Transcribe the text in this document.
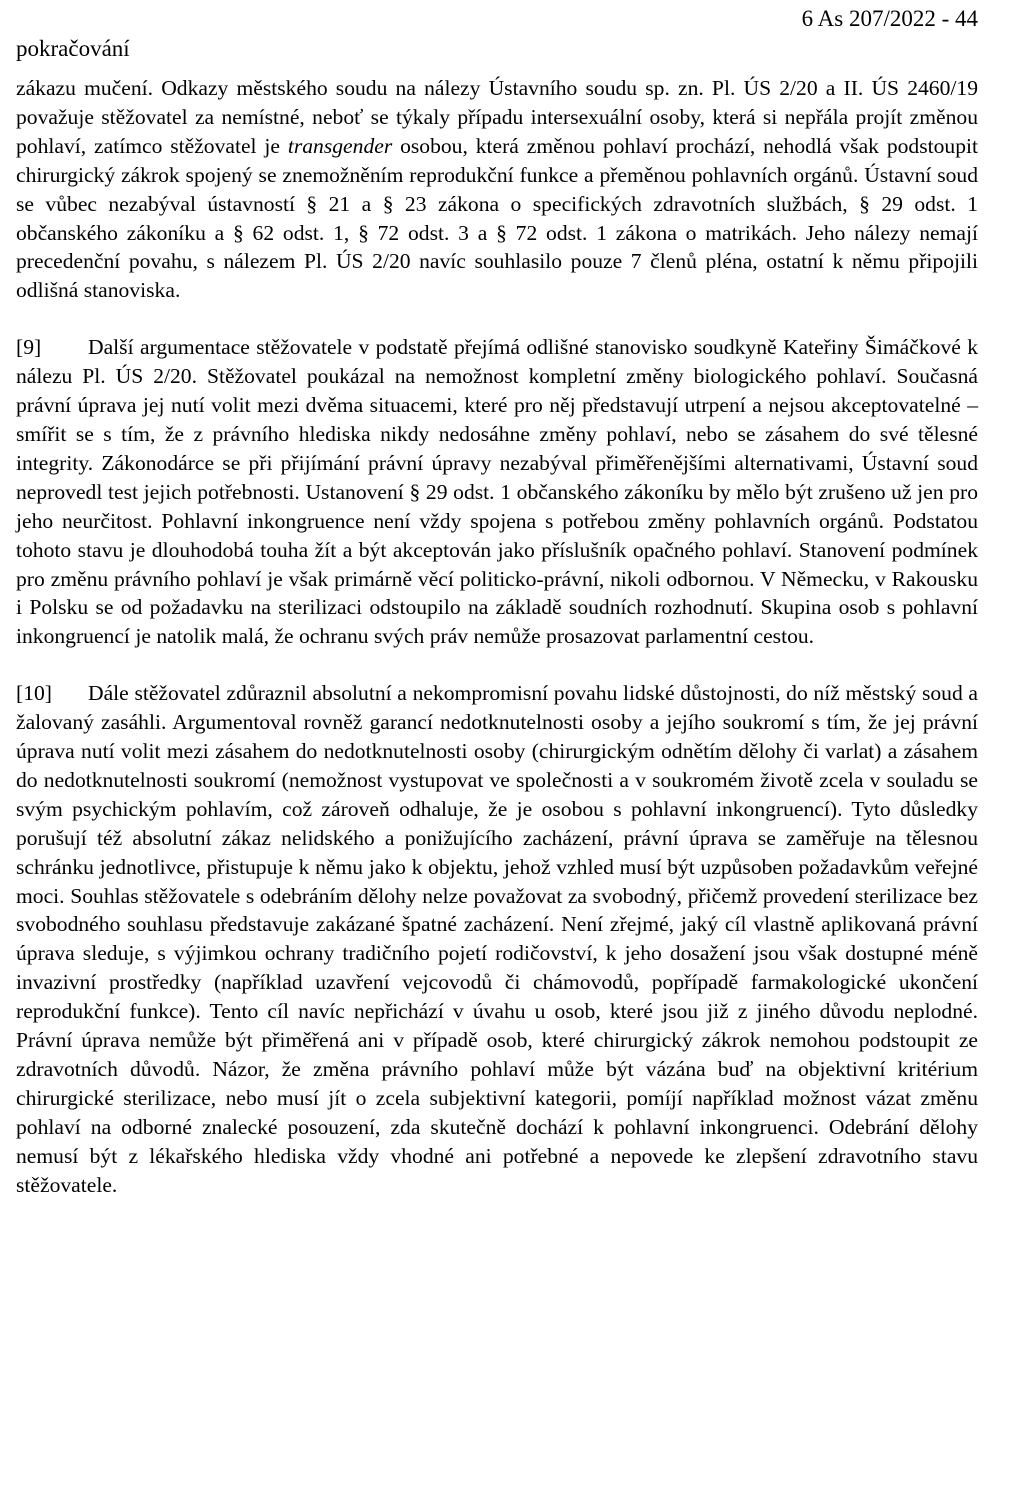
6 As 207/2022 - 44
pokračování

zákazu mučení. Odkazy městského soudu na nálezy Ústavního soudu sp. zn. Pl. ÚS 2/20 a II. ÚS 2460/19 považuje stěžovatel za nemístné, neboť se týkaly případu intersexuální osoby, která si nepřála projít změnou pohlaví, zatímco stěžovatel je transgender osobou, která změnou pohlaví prochází, nehodlá však podstoupit chirurgický zákrok spojený se znemožněním reprodukční funkce a přeměnou pohlavních orgánů. Ústavní soud se vůbec nezabýval ústavností § 21 a § 23 zákona o specifických zdravotních službách, § 29 odst. 1 občanského zákoníku a § 62 odst. 1, § 72 odst. 3 a § 72 odst. 1 zákona o matrikách. Jeho nálezy nemají precedenční povahu, s nálezem Pl. ÚS 2/20 navíc souhlasilo pouze 7 členů pléna, ostatní k němu připojili odlišná stanoviska.

[9] Další argumentace stěžovatele v podstatě přejímá odlišné stanovisko soudkyně Kateřiny Šimáčkové k nálezu Pl. ÚS 2/20. Stěžovatel poukázal na nemožnost kompletní změny biologického pohlaví. Současná právní úprava jej nutí volit mezi dvěma situacemi, které pro něj představují utrpení a nejsou akceptovatelné – smířit se s tím, že z právního hlediska nikdy nedosáhne změny pohlaví, nebo se zásahem do své tělesné integrity. Zákonodárce se při přijímání právní úpravy nezabýval přiměřenějšími alternativami, Ústavní soud neprovedl test jejich potřebnosti. Ustanovení § 29 odst. 1 občanského zákoníku by mělo být zrušeno už jen pro jeho neurčitost. Pohlavní inkongruence není vždy spojena s potřebou změny pohlavních orgánů. Podstatou tohoto stavu je dlouhodobá touha žít a být akceptován jako příslušník opačného pohlaví. Stanovení podmínek pro změnu právního pohlaví je však primárně věcí politicko-právní, nikoli odbornou. V Německu, v Rakousku i Polsku se od požadavku na sterilizaci odstoupilo na základě soudních rozhodnutí. Skupina osob s pohlavní inkongruencí je natolik malá, že ochranu svých práv nemůže prosazovat parlamentní cestou.

[10] Dále stěžovatel zdůraznil absolutní a nekompromisní povahu lidské důstojnosti, do níž městský soud a žalovaný zasáhli. Argumentoval rovněž garancí nedotknutelnosti osoby a jejího soukromí s tím, že jej právní úprava nutí volit mezi zásahem do nedotknutelnosti osoby (chirurgickým odnětím dělohy či varlat) a zásahem do nedotknutelnosti soukromí (nemožnost vystupovat ve společnosti a v soukromém životě zcela v souladu se svým psychickým pohlavím, což zároveň odhaluje, že je osobou s pohlavní inkongruencí). Tyto důsledky porušují též absolutní zákaz nelidského a ponižujícího zacházení, právní úprava se zaměřuje na tělesnou schránku jednotlivce, přistupuje k němu jako k objektu, jehož vzhled musí být uzpůsoben požadavkům veřejné moci. Souhlas stěžovatele s odebráním dělohy nelze považovat za svobodný, přičemž provedení sterilizace bez svobodného souhlasu představuje zakázané špatné zacházení. Není zřejmé, jaký cíl vlastně aplikovaná právní úprava sleduje, s výjimkou ochrany tradičního pojetí rodičovství, k jeho dosažení jsou však dostupné méně invazivní prostředky (například uzavření vejcovodů či chámovodů, popřípadě farmakologické ukončení reprodukční funkce). Tento cíl navíc nepřichází v úvahu u osob, které jsou již z jiného důvodu neplodné. Právní úprava nemůže být přiměřená ani v případě osob, které chirurgický zákrok nemohou podstoupit ze zdravotních důvodů. Názor, že změna právního pohlaví může být vázána buď na objektivní kritérium chirurgické sterilizace, nebo musí jít o zcela subjektivní kategorii, pomíjí například možnost vázat změnu pohlaví na odborné znalecké posouzení, zda skutečně dochází k pohlavní inkongruenci. Odebrání dělohy nemusí být z lékařského hlediska vždy vhodné ani potřebné a nepovede ke zlepšení zdravotního stavu stěžovatele.
